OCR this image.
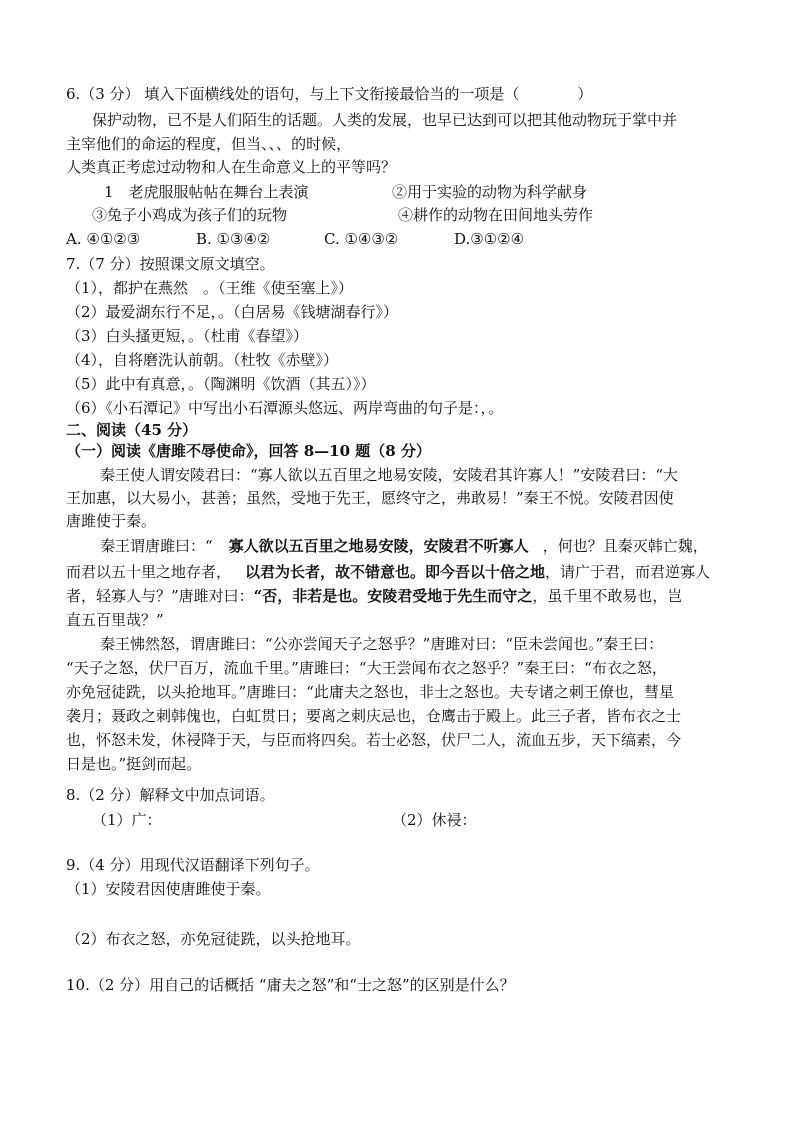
6.（3 分） 填入下面横线处的语句，与上下文衔接最恰当的一项是（	）
保护动物，已不是人们陌生的话题。人类的发展，也早已达到可以把其他动物玩于掌中并
主宰他们的命运的程度，但当、、、的时候，
人类真正考虑过动物和人在生命意义上的平等吗？
1　老虎服服帖帖在舞台上表演	②用于实验的动物为科学献身
③兔子小鸡成为孩子们的玩物	④耕作的动物在田间地头劳作
A. ④①②③	B. ①③④②	C. ①④③②	D.③①②④
7.（7 分）按照课文原文填空。
（1），都护在燕然　。（王维《使至塞上》）
（2）最爱湖东行不足，。（白居易《钱塘湖春行》）
（3）白头搔更短，。（杜甫《春望》）
（4），自将磨洗认前朝。（杜牧《赤壁》）
（5）此中有真意，。（陶渊明《饮酒（其五）》）
（6）《小石潭记》中写出小石潭源头悠远、两岸弯曲的句子是：，。
二、阅读（45 分）
（一）阅读《唐雎不辱使命》，回答 8—10 题（8 分）
秦王使人谓安陵君曰：“寡人欲以五百里之地易安陵，安陵君其许寡人！”安陵君曰：“大
王加惠，以大易小，甚善；虽然，受地于先王，愿终守之，弗敢易！”秦王不悦。安陵君因使
唐雎使于秦。
秦王谓唐雎曰：“ 寡人欲以五百里之地易安陵，安陵君不听寡人 ，何也？且秦灭韩亡魏，
而君以五十里之地存者， 以君为长者，故不错意也。即今吾以十倍之地，请广于君，而君逆寡人
者，轻寡人与？”唐雎对曰：“否，非若是也。安陵君受地于先生而守之，虽千里不敢易也，岂
直五百里哉？”
秦王怫然怒，谓唐雎曰：“公亦尝闻天子之怒乎？”唐雎对曰：“臣未尝闻也。”秦王曰：
“天子之怒，伏尸百万，流血千里。”唐雎曰：“大王尝闻布衣之怒乎？”秦王曰：“布衣之怒，
亦免冠徒跣，以头抢地耳。”唐雎曰：“此庸夫之怒也，非士之怒也。夫专诸之刺王僚也，彗星
袭月；聂政之刺韩傀也，白虹贯日；要离之刺庆忌也，仓鹰击于殿上。此三子者，皆布衣之士
也，怀怒未发，休祲降于天，与臣而将四矣。若士必怒，伏尸二人，流血五步，天下缟素，今
日是也。”挺剑而起。
8.（2 分）解释文中加点词语。
（1）广：	（2）休祲：
9.（4 分）用现代汉语翻译下列句子。
（1）安陵君因使唐雎使于秦。
（2）布衣之怒，亦免冠徒跣，以头抢地耳。
10.（2 分）用自己的话概括 “庸夫之怒”和“士之怒”的区别是什么？
